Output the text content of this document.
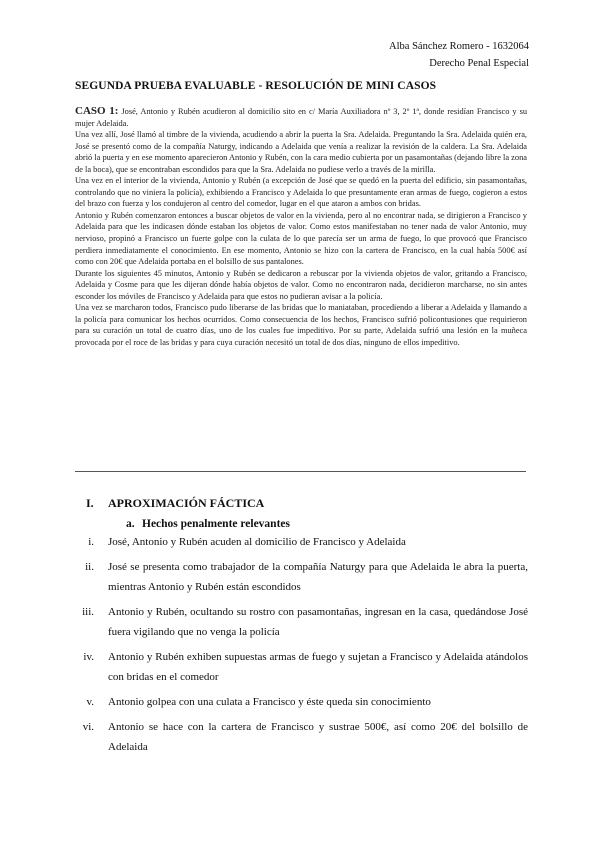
Alba Sánchez Romero - 1632064
Derecho Penal Especial
SEGUNDA PRUEBA EVALUABLE - RESOLUCIÓN DE MINI CASOS

CASO 1: José, Antonio y Rubén acudieron al domicilio sito en c/ María Auxiliadora nº 3, 2º 1ª, donde residían Francisco y su mujer Adelaida.

Una vez allí, José llamó al timbre de la vivienda, acudiendo a abrir la puerta la Sra. Adelaida. Preguntando la Sra. Adelaida quién era, José se presentó como de la compañía Naturgy, indicando a Adelaida que venía a realizar la revisión de la caldera. La Sra. Adelaida abrió la puerta y en ese momento aparecieron Antonio y Rubén, con la cara medio cubierta por un pasamontañas (dejando libre la zona de la boca), que se encontraban escondidos para que la Sra. Adelaida no pudiese verlo a través de la mirilla.

Una vez en el interior de la vivienda, Antonio y Rubén (a excepción de José que se quedó en la puerta del edificio, sin pasamontañas, controlando que no viniera la policía), exhibiendo a Francisco y Adelaida lo que presuntamente eran armas de fuego, cogieron a estos del brazo con fuerza y los condujeron al centro del comedor, lugar en el que ataron a ambos con bridas.

Antonio y Rubén comenzaron entonces a buscar objetos de valor en la vivienda, pero al no encontrar nada, se dirigieron a Francisco y Adelaida para que les indicasen dónde estaban los objetos de valor. Como estos manifestaban no tener nada de valor Antonio, muy nervioso, propinó a Francisco un fuerte golpe con la culata de lo que parecía ser un arma de fuego, lo que provocó que Francisco perdiera inmediatamente el conocimiento. En ese momento, Antonio se hizo con la cartera de Francisco, en la cual había 500€ así como con 20€ que Adelaida portaba en el bolsillo de sus pantalones.

Durante los siguientes 45 minutos, Antonio y Rubén se dedicaron a rebuscar por la vivienda objetos de valor, gritando a Francisco, Adelaida y Cosme para que les dijeran dónde había objetos de valor. Como no encontraron nada, decidieron marcharse, no sin antes esconder los móviles de Francisco y Adelaida para que estos no pudieran avisar a la policía.

Una vez se marcharon todos, Francisco pudo liberarse de las bridas que lo maniataban, procediendo a liberar a Adelaida y llamando a la policía para comunicar los hechos ocurridos. Como consecuencia de los hechos, Francisco sufrió policontusiones que requirieron para su curación un total de cuatro días, uno de los cuales fue impeditivo. Por su parte, Adelaida sufrió una lesión en la muñeca provocada por el roce de las bridas y para cuya curación necesitó un total de dos días, ninguno de ellos impeditivo.

I. APROXIMACIÓN FÁCTICA
a. Hechos penalmente relevantes
i. José, Antonio y Rubén acuden al domicilio de Francisco y Adelaida
ii. José se presenta como trabajador de la compañía Naturgy para que Adelaida le abra la puerta, mientras Antonio y Rubén están escondidos
iii. Antonio y Rubén, ocultando su rostro con pasamontañas, ingresan en la casa, quedándose José fuera vigilando que no venga la policía
iv. Antonio y Rubén exhiben supuestas armas de fuego y sujetan a Francisco y Adelaida atándolos con bridas en el comedor
v. Antonio golpea con una culata a Francisco y éste queda sin conocimiento
vi. Antonio se hace con la cartera de Francisco y sustrae 500€, así como 20€ del bolsillo de Adelaida
